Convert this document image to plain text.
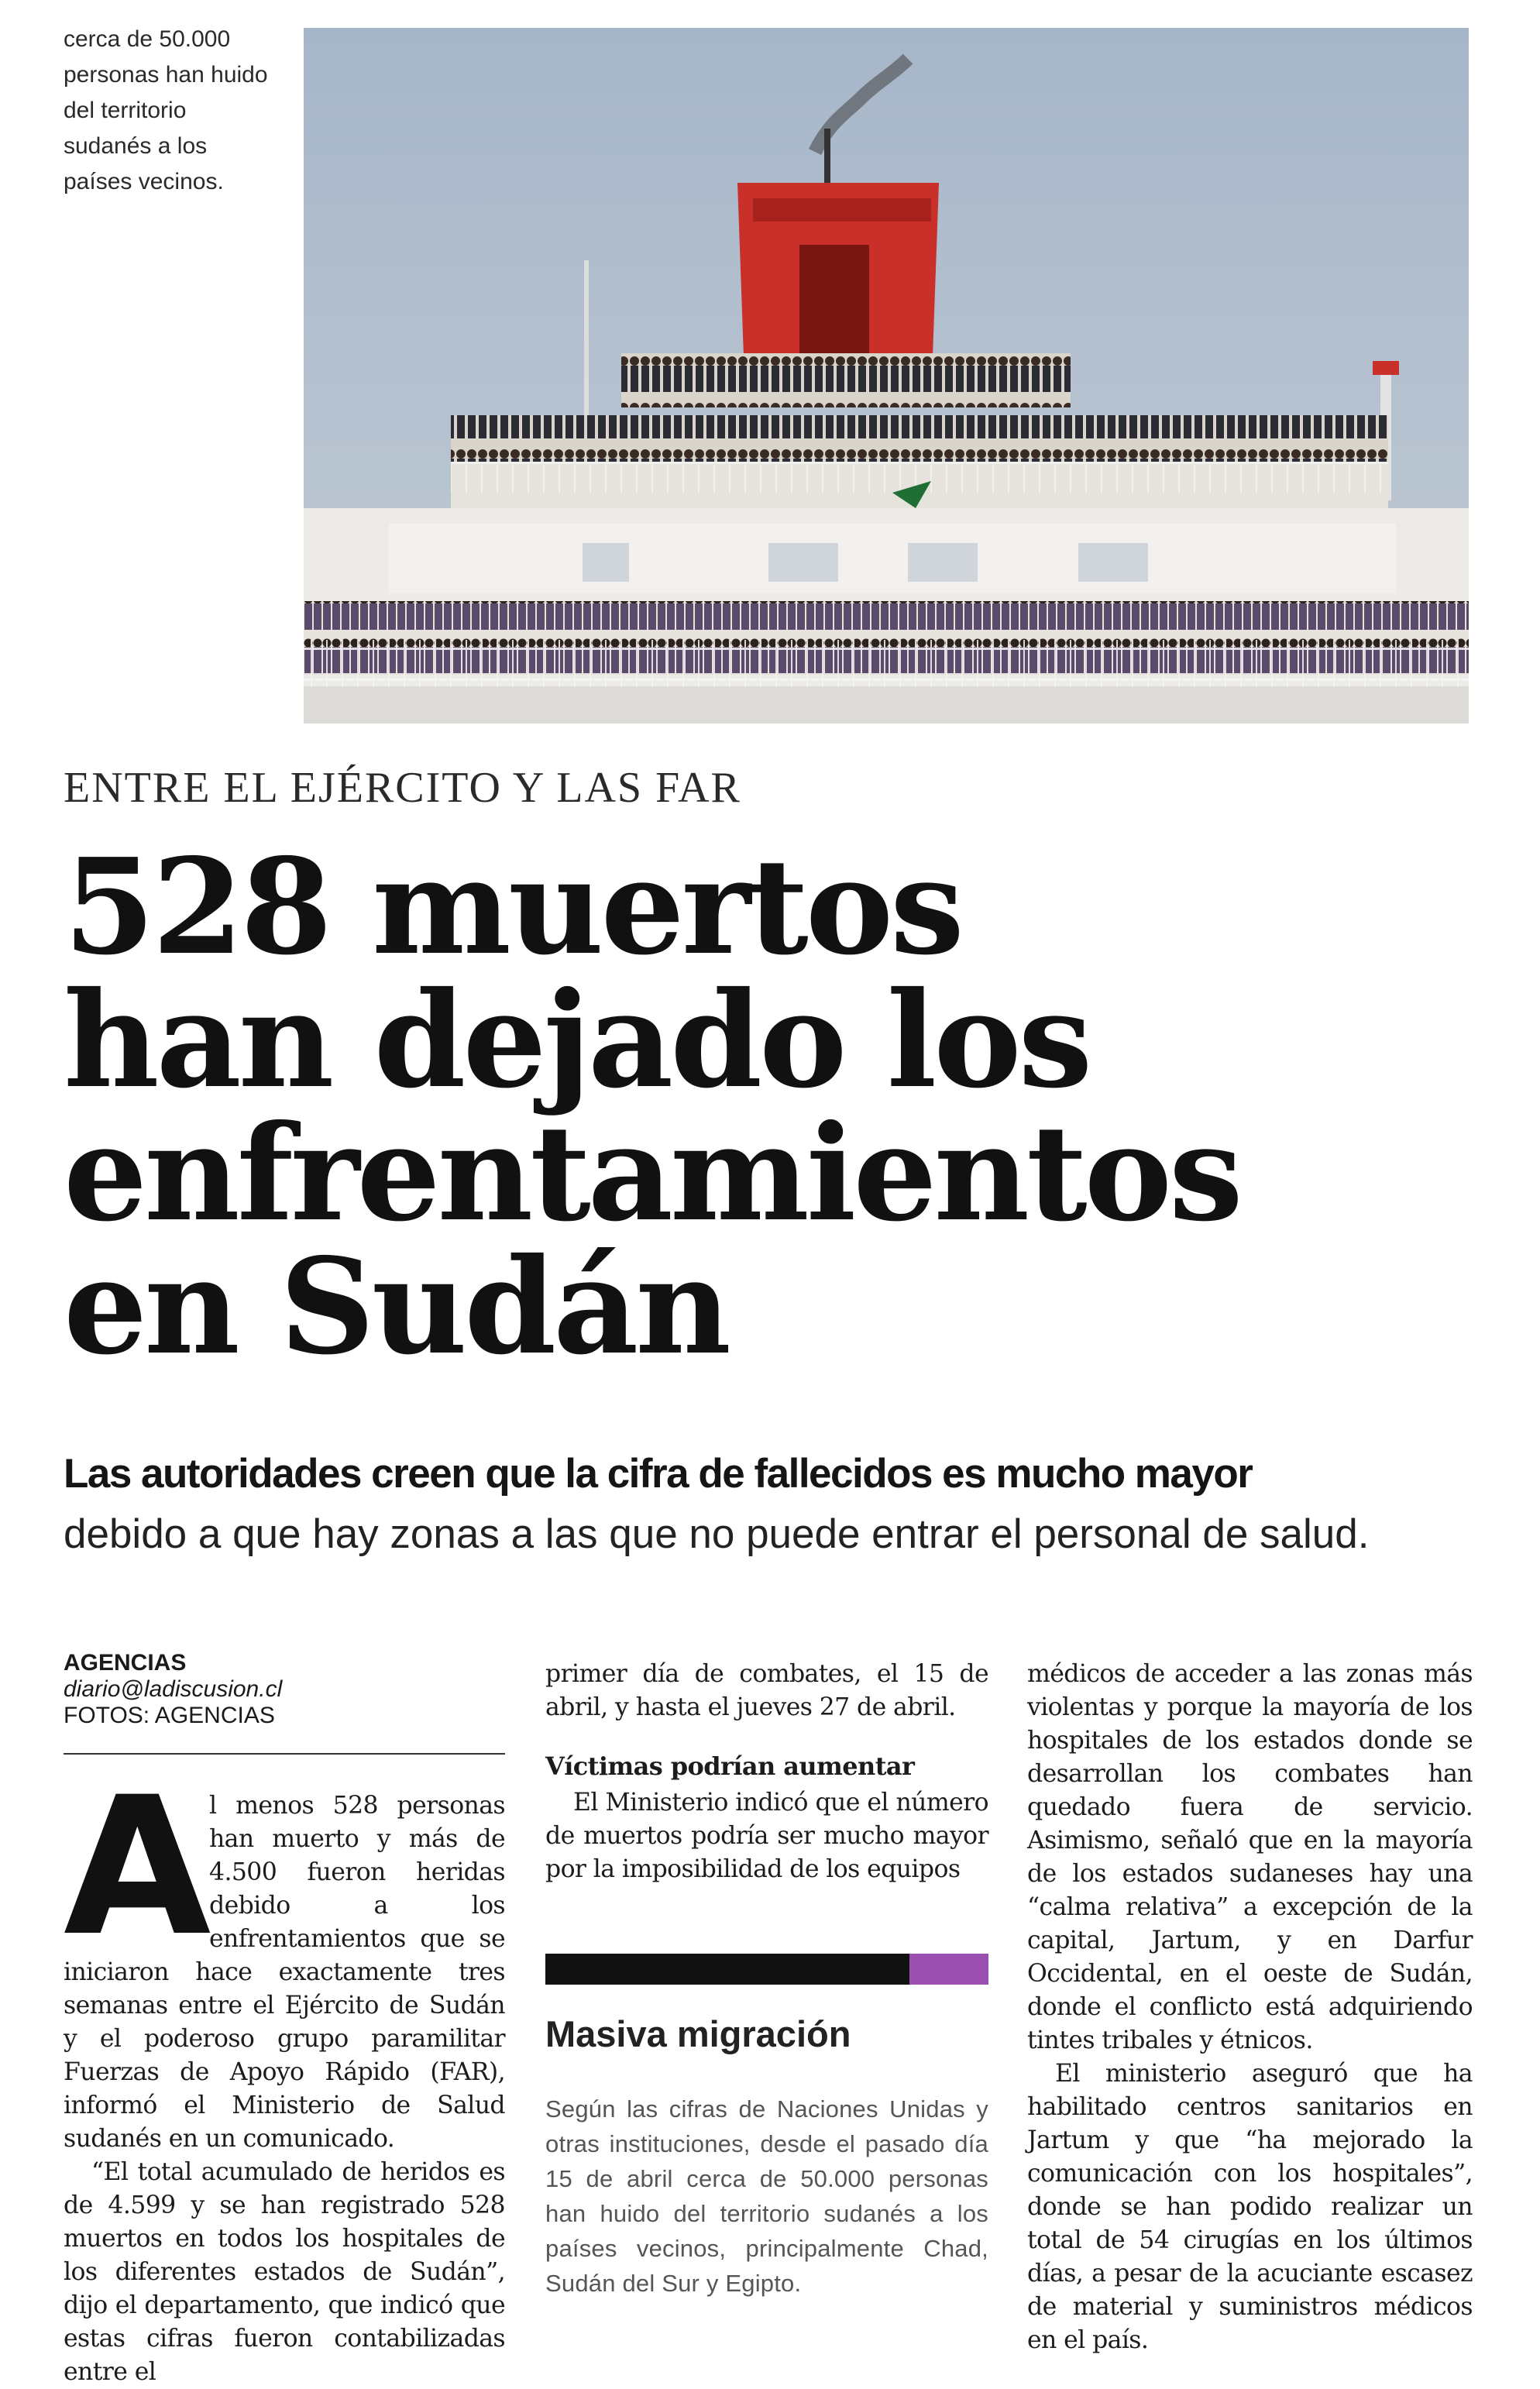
cerca de 50.000 personas han huido del territorio sudanés a los países vecinos.
ENTRE EL EJÉRCITO Y LAS FAR
528 muertos
han dejado los
enfrentamientos
en Sudán
Las autoridades creen que la cifra de fallecidos es mucho mayor
debido a que hay zonas a las que no puede entrar el personal de salud.
AGENCIAS
diario@ladiscusion.cl
FOTOS: AGENCIAS
A

l menos 528 personas han muerto y más de 4.500 fueron heridas debido a los enfrentamientos que se iniciaron hace exactamente tres semanas entre el Ejército de Sudán y el poderoso grupo paramilitar Fuerzas de Apoyo Rápido (FAR), informó el Ministerio de Salud sudanés en un comunicado.

“El total acumulado de heridos es de 4.599 y se han registrado 528 muertos en todos los hospitales de los diferentes estados de Sudán”, dijo el departamento, que indicó que estas cifras fueron contabilizadas entre el

primer día de combates, el 15 de abril, y hasta el jueves 27 de abril.

Víctimas podrían aumentar

El Ministerio indicó que el número de muertos podría ser mucho mayor por la imposibilidad de los equipos

Masiva migración
Según las cifras de Naciones Unidas y otras instituciones, desde el pasado día 15 de abril cerca de 50.000 personas han huido del territorio sudanés a los países vecinos, principalmente Chad, Sudán del Sur y Egipto.

médicos de acceder a las zonas más violentas y porque la mayoría de los hospitales de los estados donde se desarrollan los combates han quedado fuera de servicio. Asimismo, señaló que en la mayoría de los estados sudaneses hay una “calma relativa” a excepción de la capital, Jartum, y en Darfur Occidental, en el oeste de Sudán, donde el conflicto está adquiriendo tintes tribales y étnicos.

El ministerio aseguró que ha habilitado centros sanitarios en Jartum y que “ha mejorado la comunicación con los hospitales”, donde se han podido realizar un total de 54 cirugías en los últimos días, a pesar de la acuciante escasez de material y suministros médicos en el país.
